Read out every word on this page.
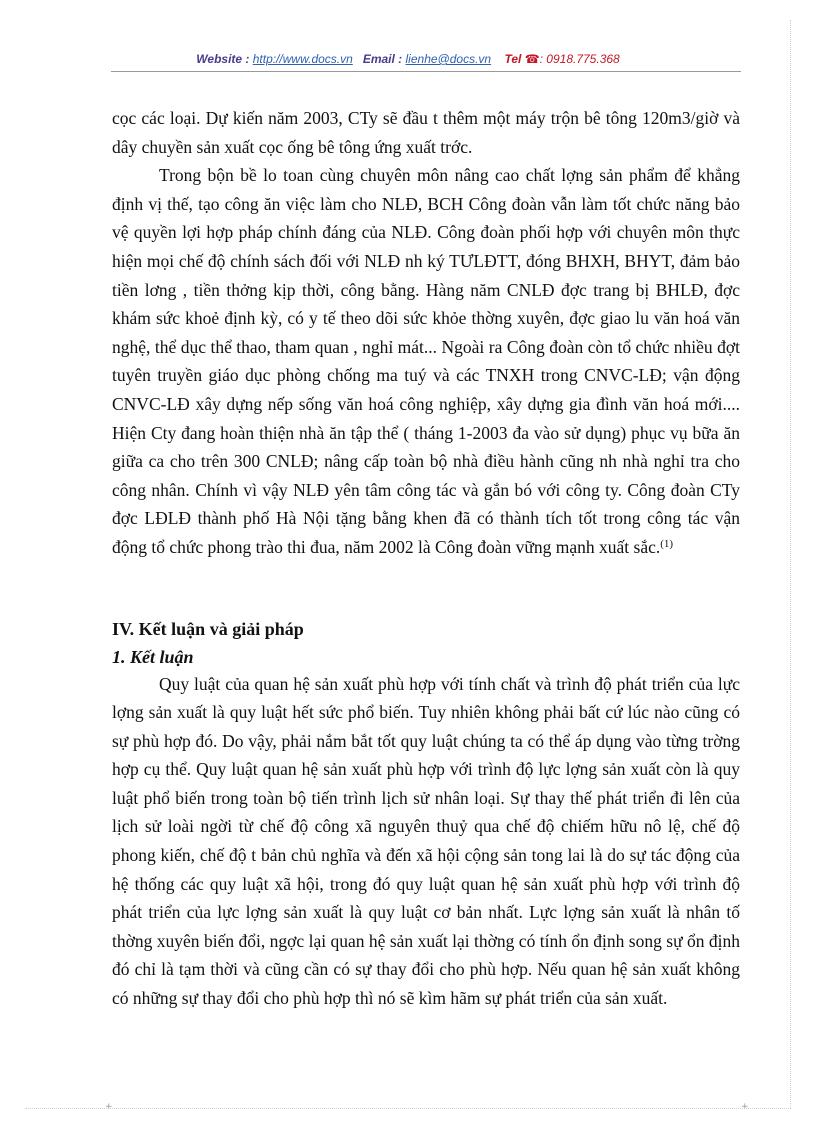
Website : http://www.docs.vn Email : lienhe@docs.vn Tel ☎: 0918.775.368

cọc các loại. Dự kiến năm 2003, CTy sẽ đầu t thêm một máy trộn bê tông 120m3/giờ và dây chuyền sản xuất cọc ống bê tông ứng xuất trớc.

Trong bộn bề lo toan cùng chuyên môn nâng cao chất lợng sản phẩm để khẳng định vị thế, tạo công ăn việc làm cho NLĐ, BCH Công đoàn vẫn làm tốt chức năng bảo vệ quyền lợi hợp pháp chính đáng của NLĐ. Công đoàn phối hợp với chuyên môn thực hiện mọi chế độ chính sách đối với NLĐ nh ký TƯLĐTT, đóng BHXH, BHYT, đảm bảo tiền lơng , tiền thởng kịp thời, công bằng. Hàng năm CNLĐ đợc trang bị BHLĐ, đợc khám sức khoẻ định kỳ, có y tế theo dõi sức khỏe thờng xuyên, đợc giao lu văn hoá văn nghệ, thể dục thể thao, tham quan , nghỉ mát... Ngoài ra Công đoàn còn tổ chức nhiều đợt tuyên truyền giáo dục phòng chống ma tuý và các TNXH trong CNVC-LĐ; vận động CNVC-LĐ xây dựng nếp sống văn hoá công nghiệp, xây dựng gia đình văn hoá mới.... Hiện Cty đang hoàn thiện nhà ăn tập thể ( tháng 1-2003 đa vào sử dụng) phục vụ bữa ăn giữa ca cho trên 300 CNLĐ; nâng cấp toàn bộ nhà điều hành cũng nh nhà nghỉ tra cho công nhân. Chính vì vậy NLĐ yên tâm công tác và gắn bó với công ty. Công đoàn CTy đợc LĐLĐ thành phố Hà Nội tặng bằng khen đã có thành tích tốt trong công tác vận động tổ chức phong trào thi đua, năm 2002 là Công đoàn vững mạnh xuất sắc.$^{(1)}$

IV. Kết luận và giải pháp

1. Kết luận

Quy luật của quan hệ sản xuất phù hợp với tính chất và trình độ phát triển của lực lợng sản xuất là quy luật hết sức phổ biến. Tuy nhiên không phải bất cứ lúc nào cũng có sự phù hợp đó. Do vậy, phải nắm bắt tốt quy luật chúng ta có thể áp dụng vào từng trờng hợp cụ thể. Quy luật quan hệ sản xuất phù hợp với trình độ lực lợng sản xuất còn là quy luật phổ biến trong toàn bộ tiến trình lịch sử nhân loại. Sự thay thế phát triển đi lên của lịch sử loài ngời từ chế độ công xã nguyên thuỷ qua chế độ chiếm hữu nô lệ, chế độ phong kiến, chế độ t bản chủ nghĩa và đến xã hội cộng sản tong lai là do sự tác động của hệ thống các quy luật xã hội, trong đó quy luật quan hệ sản xuất phù hợp với trình độ phát triển của lực lợng sản xuất là quy luật cơ bản nhất. Lực lợng sản xuất là nhân tố thờng xuyên biến đổi, ngợc lại quan hệ sản xuất lại thờng có tính ổn định song sự ổn định đó chỉ là tạm thời và cũng cần có sự thay đổi cho phù hợp. Nếu quan hệ sản xuất không có những sự thay đổi cho phù hợp thì nó sẽ kìm hãm sự phát triển của sản xuất.

+	+
